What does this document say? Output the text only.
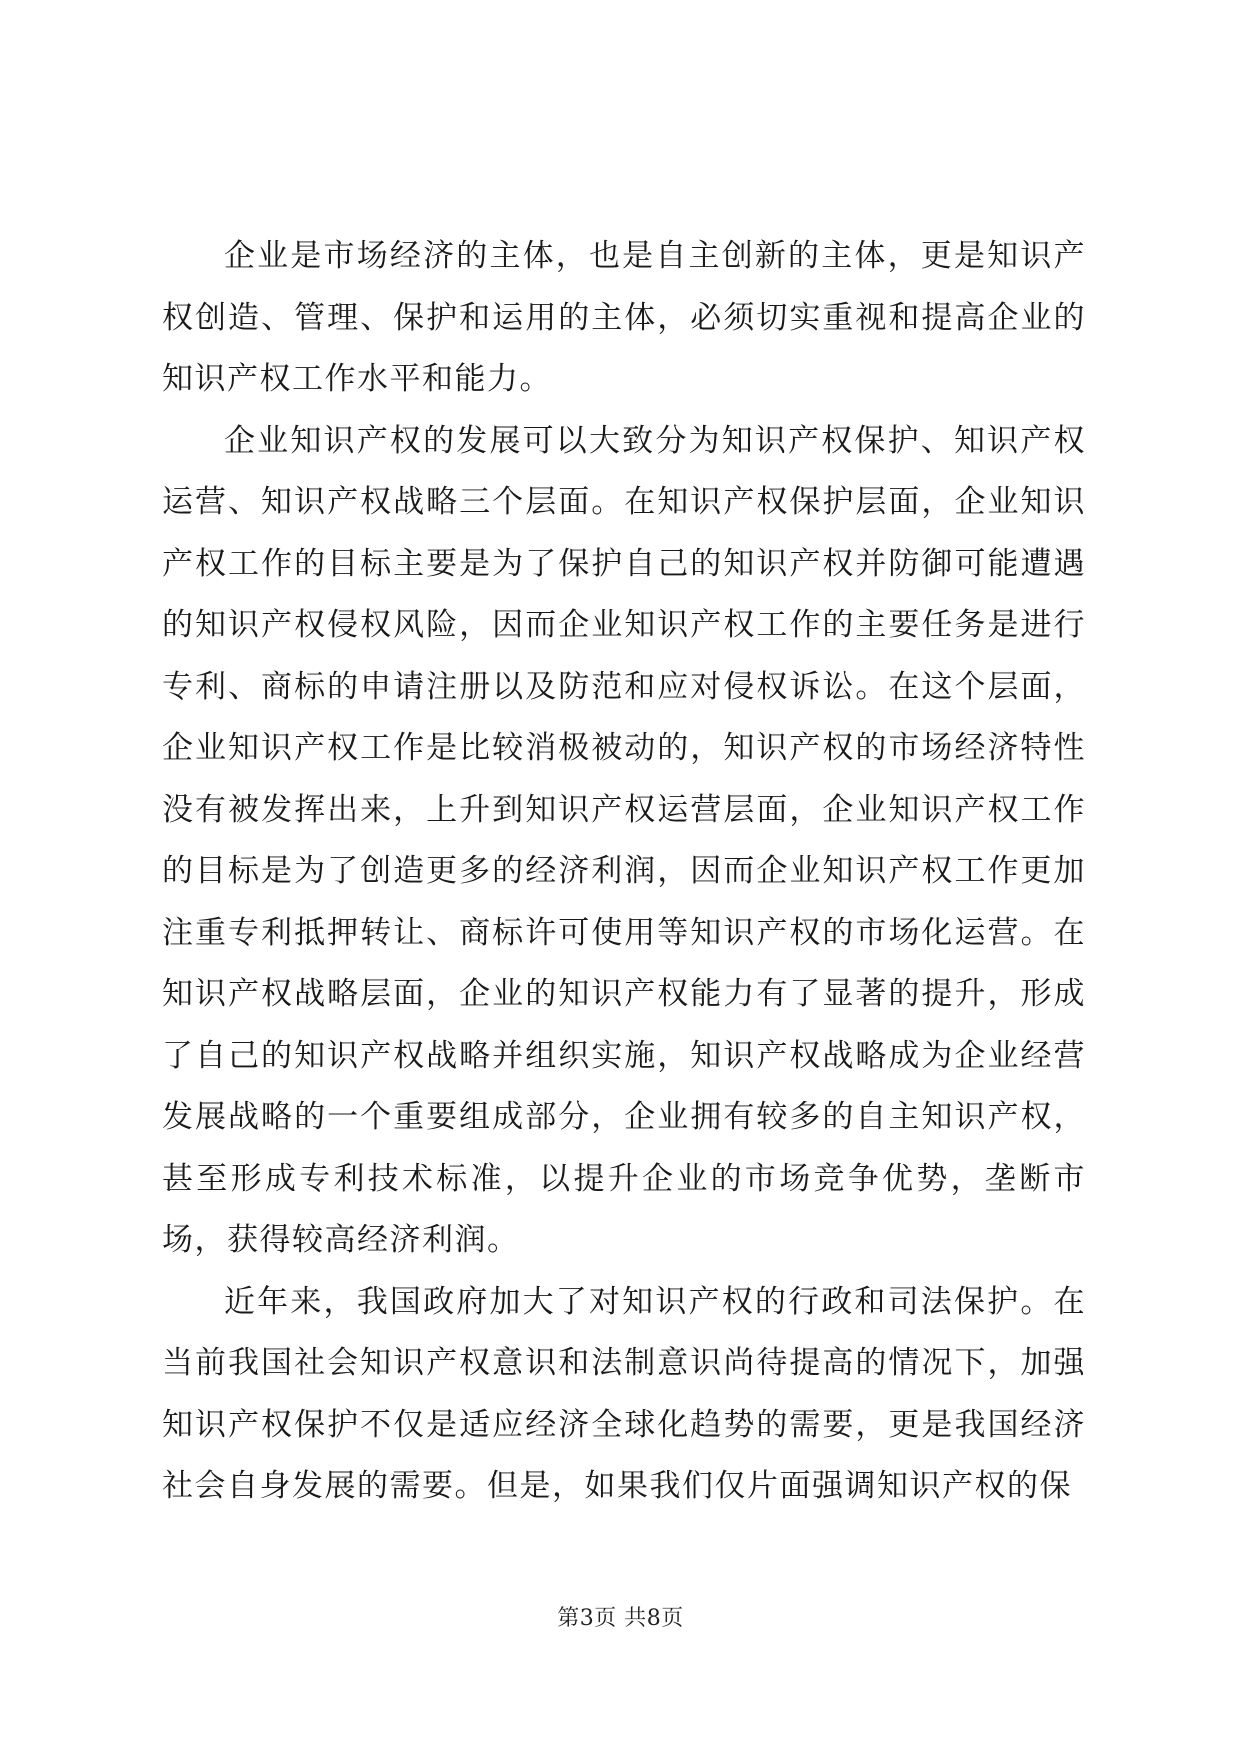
企业是市场经济的主体，也是自主创新的主体，更是知识产权创造、管理、保护和运用的主体，必须切实重视和提高企业的知识产权工作水平和能力。

企业知识产权的发展可以大致分为知识产权保护、知识产权运营、知识产权战略三个层面。在知识产权保护层面，企业知识产权工作的目标主要是为了保护自己的知识产权并防御可能遭遇的知识产权侵权风险，因而企业知识产权工作的主要任务是进行专利、商标的申请注册以及防范和应对侵权诉讼。在这个层面，企业知识产权工作是比较消极被动的，知识产权的市场经济特性没有被发挥出来，上升到知识产权运营层面，企业知识产权工作的目标是为了创造更多的经济利润，因而企业知识产权工作更加注重专利抵押转让、商标许可使用等知识产权的市场化运营。在知识产权战略层面，企业的知识产权能力有了显著的提升，形成了自己的知识产权战略并组织实施，知识产权战略成为企业经营发展战略的一个重要组成部分，企业拥有较多的自主知识产权，甚至形成专利技术标准，以提升企业的市场竞争优势，垄断市场，获得较高经济利润。

近年来，我国政府加大了对知识产权的行政和司法保护。在当前我国社会知识产权意识和法制意识尚待提高的情况下，加强知识产权保护不仅是适应经济全球化趋势的需要，更是我国经济社会自身发展的需要。但是，如果我们仅片面强调知识产权的保

第3页 共8页
